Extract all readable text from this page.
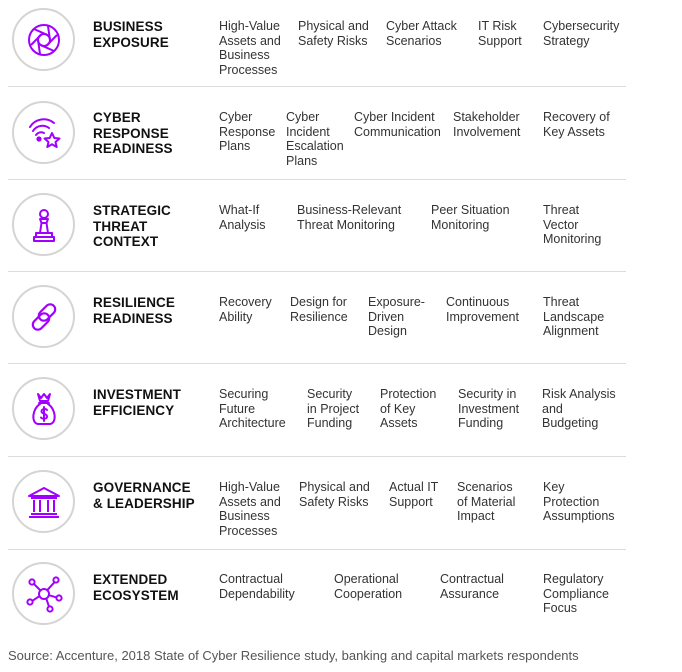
BUSINESS
EXPOSURE
High-Value
Assets and
Business
Processes
Physical and
Safety Risks
Cyber Attack
Scenarios
IT Risk
Support
Cybersecurity
Strategy
CYBER
RESPONSE
READINESS
Cyber
Response
Plans
Cyber
Incident
Escalation
Plans
Cyber Incident
Communication
Stakeholder
Involvement
Recovery of
Key Assets
STRATEGIC
THREAT
CONTEXT
What-If
Analysis
Business-Relevant
Threat Monitoring
Peer Situation
Monitoring
Threat
Vector
Monitoring
RESILIENCE
READINESS
Recovery
Ability
Design for
Resilience
Exposure-
Driven
Design
Continuous
Improvement
Threat
Landscape
Alignment
INVESTMENT
EFFICIENCY
Securing
Future
Architecture
Security
in Project
Funding
Protection
of Key
Assets
Security in
Investment
Funding
Risk Analysis
and
Budgeting
GOVERNANCE
& LEADERSHIP
High-Value
Assets and
Business
Processes
Physical and
Safety Risks
Actual IT
Support
Scenarios
of Material
Impact
Key
Protection
Assumptions
EXTENDED
ECOSYSTEM
Contractual
Dependability
Operational
Cooperation
Contractual
Assurance
Regulatory
Compliance
Focus
Source: Accenture, 2018 State of Cyber Resilience study, banking and capital markets respondents
